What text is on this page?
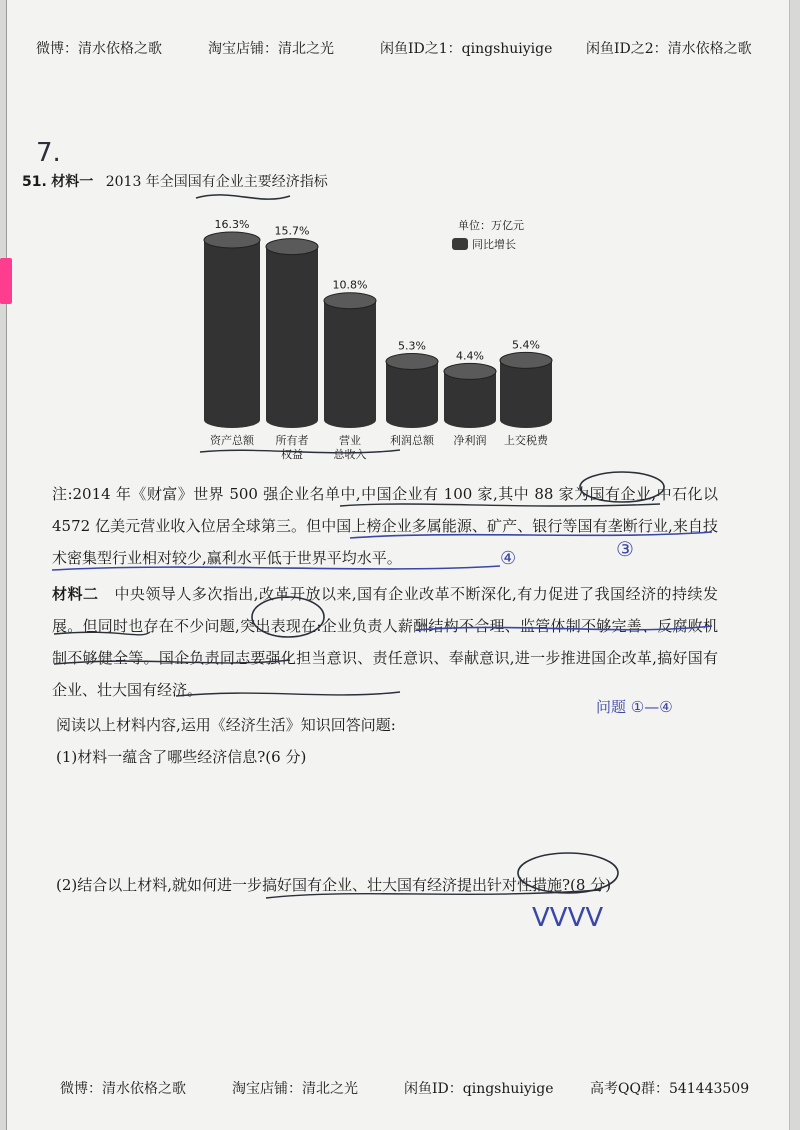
微博：清水依格之歌	淘宝店铺：清北之光	闲鱼ID之1：qingshuiyige 闲鱼ID之2：清水依格之歌
7.
51. 材料一 2013 年全国国有企业主要经济指标
单位：万亿元
同比增长
16.3%
资产总额
15.7%
所有者
权益
10.8%
营业
总收入
5.3%
利润总额
4.4%
净利润
5.4%
上交税费
注:2014 年《财富》世界 500 强企业名单中,中国企业有 100 家,其中 88 家为国有企业,中石化以 4572 亿美元营业收入位居全球第三。但中国上榜企业多属能源、矿产、银行等国有垄断行业,来自技术密集型行业相对较少,赢利水平低于世界平均水平。
材料二 中央领导人多次指出,改革开放以来,国有企业改革不断深化,有力促进了我国经济的持续发展。但同时也存在不少问题,突出表现在:企业负责人薪酬结构不合理、监管体制不够完善、反腐败机制不够健全等。国企负责同志要强化担当意识、责任意识、奉献意识,进一步推进国企改革,搞好国有企业、壮大国有经济。
阅读以上材料内容,运用《经济生活》知识回答问题:
(1)材料一蕴含了哪些经济信息?(6 分)
(2)结合以上材料,就如何进一步搞好国有企业、壮大国有经济提出针对性措施?(8 分)
③
④
问题 ①—④
VVVV
微博：清水依格之歌	淘宝店铺：清北之光	闲鱼ID：qingshuiyige	高考QQ群：541443509
